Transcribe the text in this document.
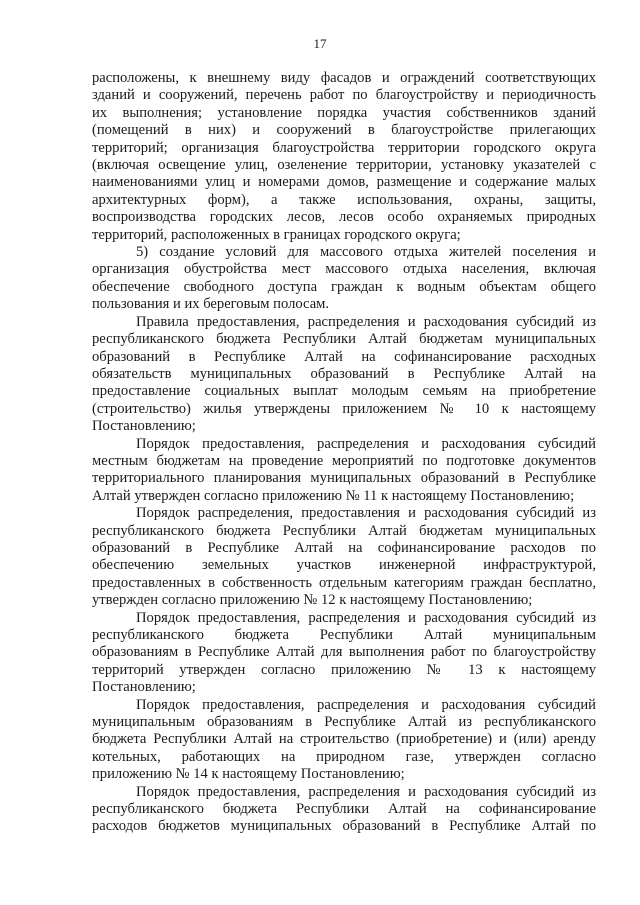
17
расположены, к внешнему виду фасадов и ограждений соответствующих
зданий и сооружений, перечень работ по благоустройству и периодичность
их выполнения; установление порядка участия собственников зданий
(помещений в них) и сооружений в благоустройстве прилегающих
территорий; организация благоустройства территории городского округа
(включая освещение улиц, озеленение территории, установку указателей с
наименованиями улиц и номерами домов, размещение и содержание малых
архитектурных форм), а также использования, охраны, защиты,
воспроизводства городских лесов, лесов особо охраняемых природных
территорий, расположенных в границах городского округа;
5) создание условий для массового отдыха жителей поселения и
организация обустройства мест массового отдыха населения, включая
обеспечение свободного доступа граждан к водным объектам общего
пользования и их береговым полосам.
Правила предоставления, распределения и расходования субсидий из
республиканского бюджета Республики Алтай бюджетам муниципальных
образований в Республике Алтай на софинансирование расходных
обязательств муниципальных образований в Республике Алтай на
предоставление социальных выплат молодым семьям на приобретение
(строительство) жилья утверждены приложением № 10 к настоящему
Постановлению;
Порядок предоставления, распределения и расходования субсидий
местным бюджетам на проведение мероприятий по подготовке документов
территориального планирования муниципальных образований в Республике
Алтай утвержден согласно приложению № 11 к настоящему Постановлению;
Порядок распределения, предоставления и расходования субсидий из
республиканского бюджета Республики Алтай бюджетам муниципальных
образований в Республике Алтай на софинансирование расходов по
обеспечению земельных участков инженерной инфраструктурой,
предоставленных в собственность отдельным категориям граждан бесплатно,
утвержден согласно приложению № 12 к настоящему Постановлению;
Порядок предоставления, распределения и расходования субсидий из
республиканского бюджета Республики Алтай муниципальным
образованиям в Республике Алтай для выполнения работ по благоустройству
территорий утвержден согласно приложению № 13 к настоящему
Постановлению;
Порядок предоставления, распределения и расходования субсидий
муниципальным образованиям в Республике Алтай из республиканского
бюджета Республики Алтай на строительство (приобретение) и (или) аренду
котельных, работающих на природном газе, утвержден согласно
приложению № 14 к настоящему Постановлению;
Порядок предоставления, распределения и расходования субсидий из
республиканского бюджета Республики Алтай на софинансирование
расходов бюджетов муниципальных образований в Республике Алтай по
